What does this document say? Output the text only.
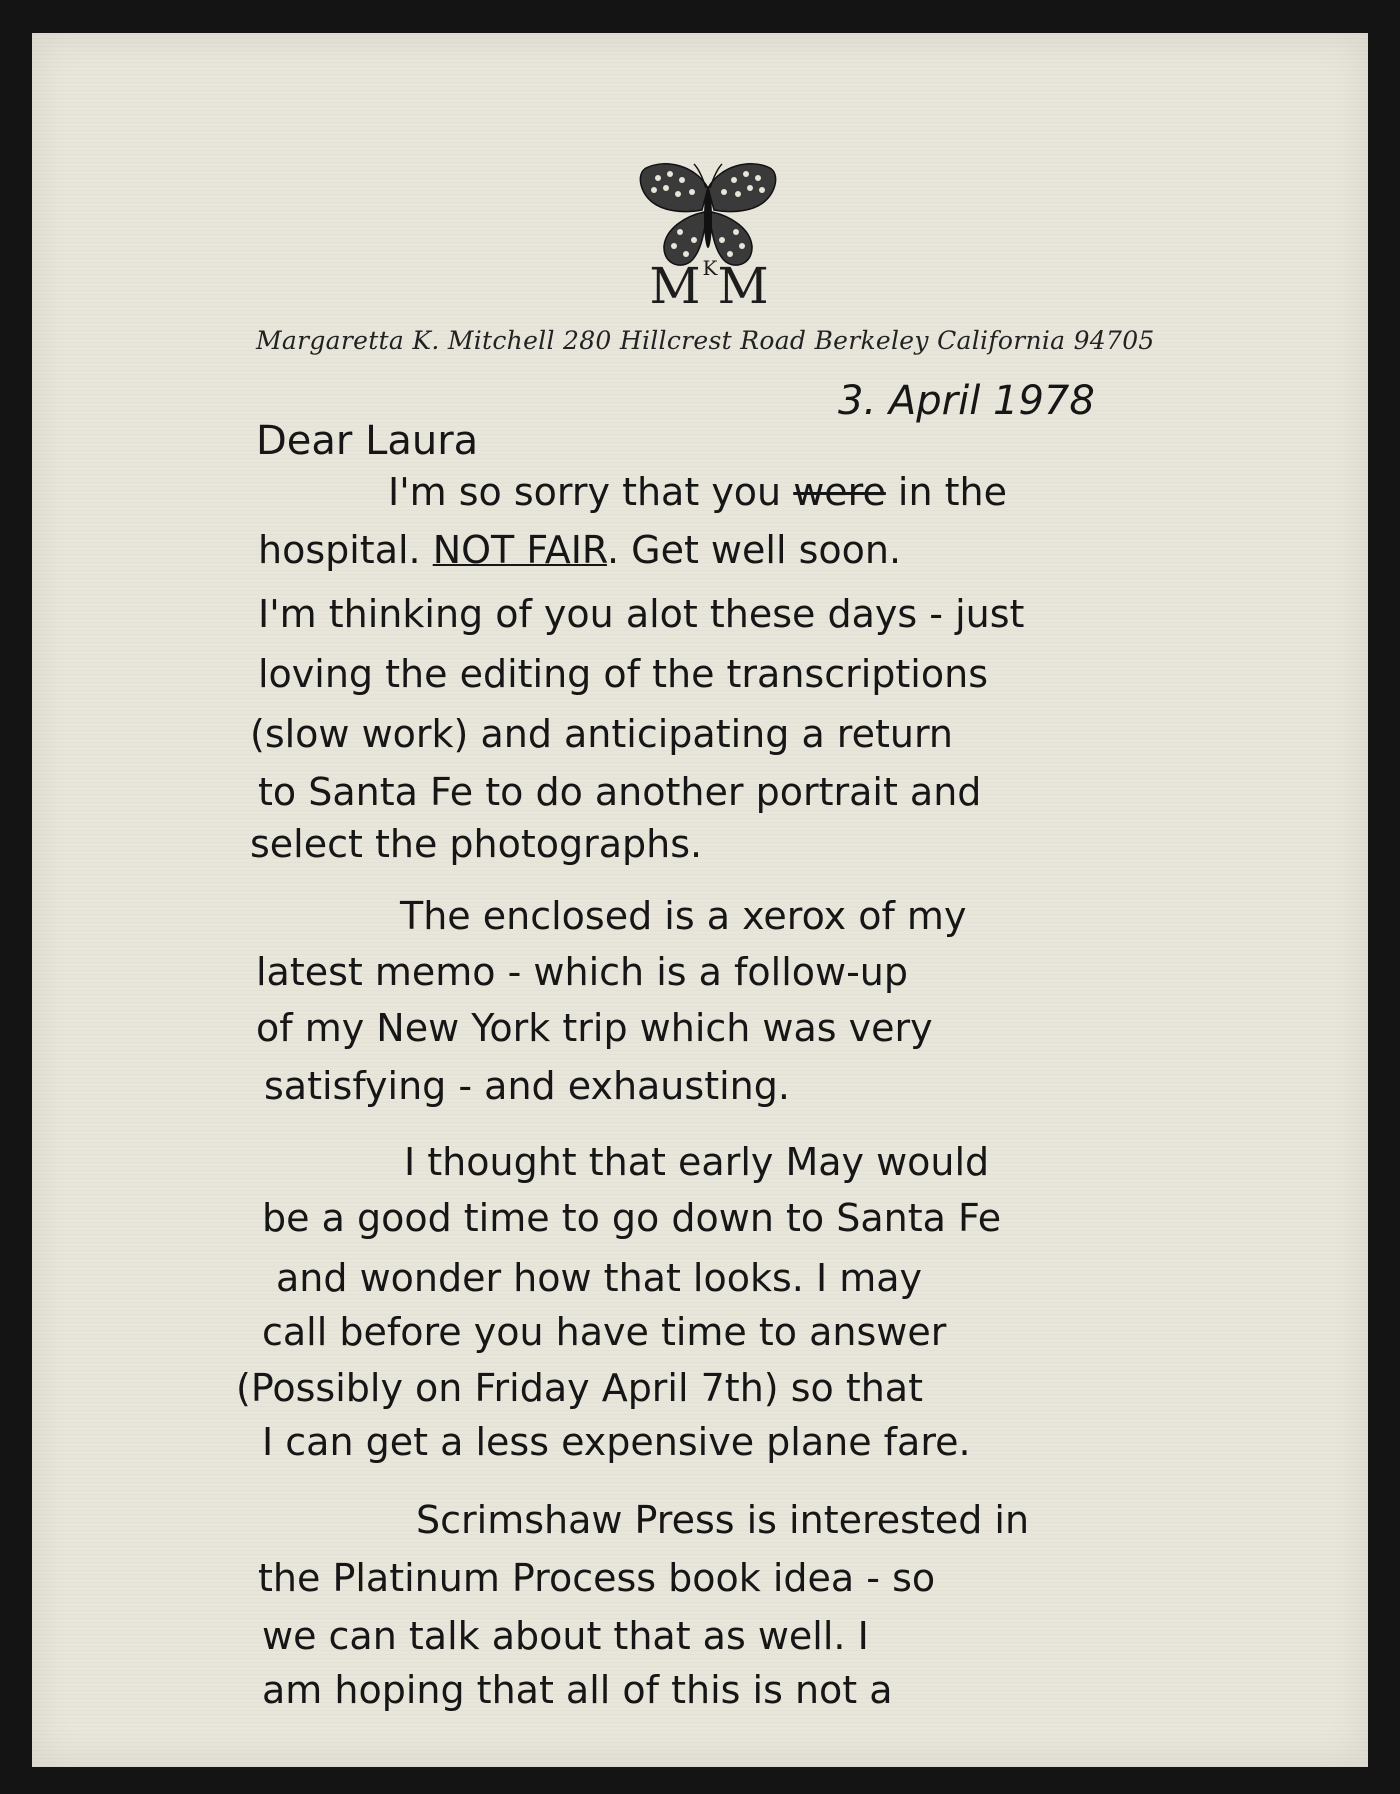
$M^KM$
Margaretta K. Mitchell 280 Hillcrest Road Berkeley California 94705
3. April 1978
Dear Laura
I'm so sorry that you were in the
hospital. NOT FAIR. Get well soon.
I'm thinking of you alot these days - just
loving the editing of the transcriptions
(slow work) and anticipating a return
to Santa Fe to do another portrait and
select the photographs.
The enclosed is a xerox of my
latest memo - which is a follow-up
of my New York trip which was very
satisfying - and exhausting.
I thought that early May would
be a good time to go down to Santa Fe
and wonder how that looks. I may
call before you have time to answer
(Possibly on Friday April 7th) so that
I can get a less expensive plane fare.
Scrimshaw Press is interested in
the Platinum Process book idea - so
we can talk about that as well. I
am hoping that all of this is not a
